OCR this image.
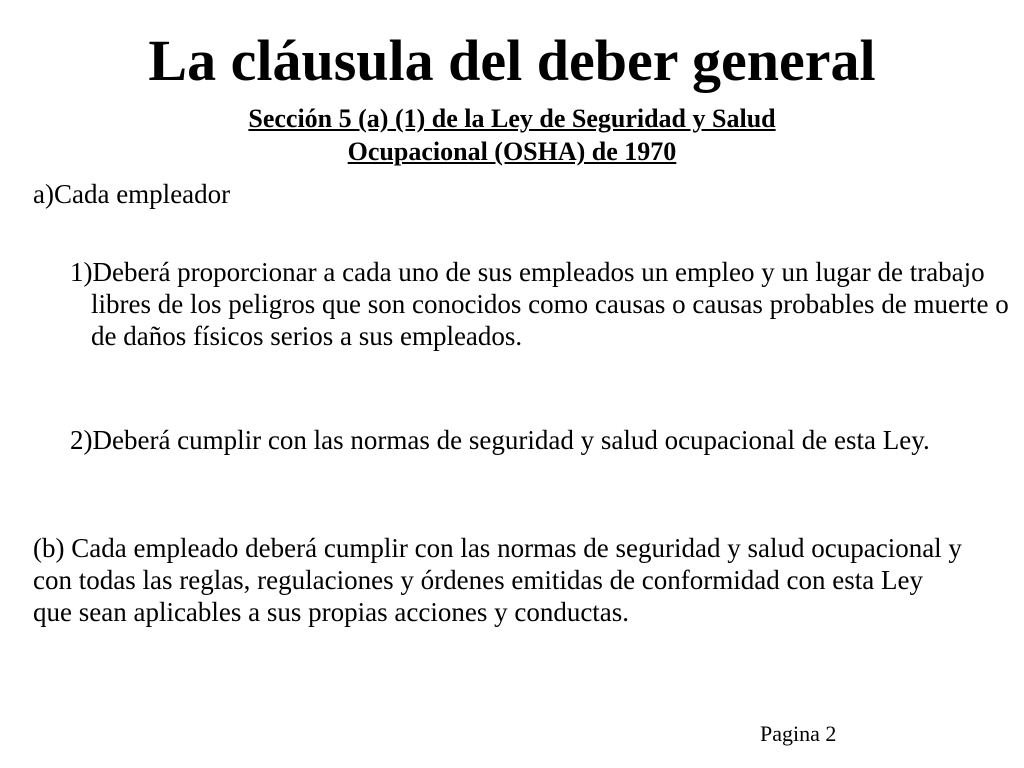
La cláusula del deber general
Sección 5 (a) (1) de la Ley de Seguridad y Salud
Ocupacional (OSHA) de 1970

a)Cada empleador

1)Deberá proporcionar a cada uno de sus empleados un empleo y un lugar de trabajo libres de los peligros que son conocidos como causas o causas probables de muerte o de daños físicos serios a sus empleados.

2)Deberá cumplir con las normas de seguridad y salud ocupacional de esta Ley.

(b) Cada empleado deberá cumplir con las normas de seguridad y salud ocupacional y con todas las reglas, regulaciones y órdenes emitidas de conformidad con esta Ley que sean aplicables a sus propias acciones y conductas.

Pagina 2
